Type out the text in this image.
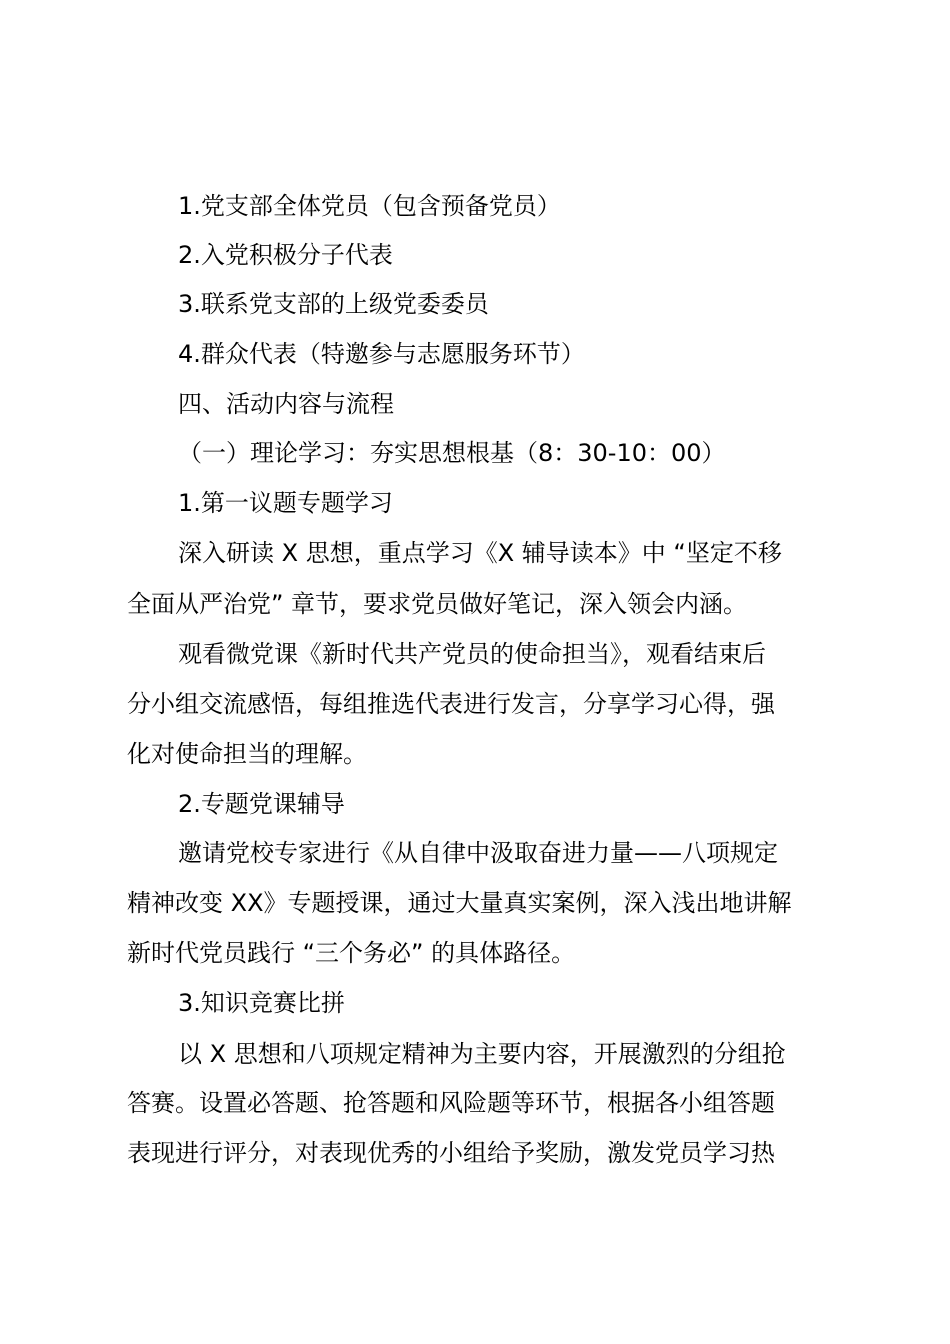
1.党支部全体党员（包含预备党员）
2.入党积极分子代表
3.联系党支部的上级党委委员
4.群众代表（特邀参与志愿服务环节）
四、活动内容与流程
（一）理论学习：夯实思想根基（8：30-10：00）
1.第一议题专题学习
深入研读 X 思想，重点学习《X 辅导读本》中 “坚定不移
全面从严治党” 章节，要求党员做好笔记，深入领会内涵。
观看微党课《新时代共产党员的使命担当》，观看结束后
分小组交流感悟，每组推选代表进行发言，分享学习心得，强
化对使命担当的理解。
2.专题党课辅导
邀请党校专家进行《从自律中汲取奋进力量——八项规定
精神改变 XX》专题授课，通过大量真实案例，深入浅出地讲解
新时代党员践行 “三个务必” 的具体路径。
3.知识竞赛比拼
以 X 思想和八项规定精神为主要内容，开展激烈的分组抢
答赛。设置必答题、抢答题和风险题等环节，根据各小组答题
表现进行评分，对表现优秀的小组给予奖励，激发党员学习热
